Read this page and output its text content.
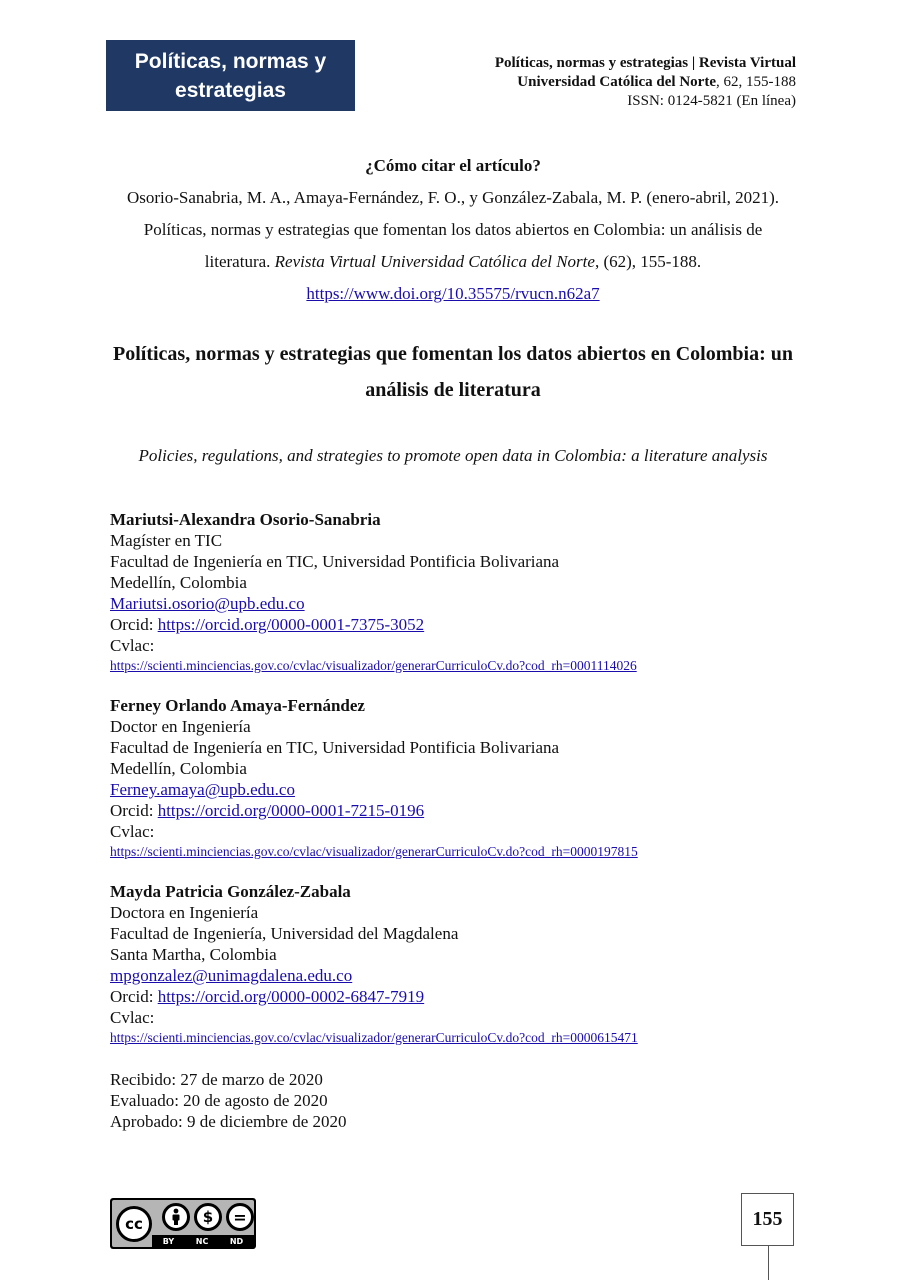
Políticas, normas y estrategias
Políticas, normas y estrategias | Revista Virtual
Universidad Católica del Norte, 62, 155-188
ISSN: 0124-5821 (En línea)
¿Cómo citar el artículo?
Osorio-Sanabria, M. A., Amaya-Fernández, F. O., y González-Zabala, M. P. (enero-abril, 2021). Políticas, normas y estrategias que fomentan los datos abiertos en Colombia: un análisis de literatura. Revista Virtual Universidad Católica del Norte, (62), 155-188.
https://www.doi.org/10.35575/rvucn.n62a7
Políticas, normas y estrategias que fomentan los datos abiertos en Colombia: un análisis de literatura
Policies, regulations, and strategies to promote open data in Colombia: a literature analysis
Mariutsi-Alexandra Osorio-Sanabria
Magíster en TIC
Facultad de Ingeniería en TIC, Universidad Pontificia Bolivariana
Medellín, Colombia
Mariutsi.osorio@upb.edu.co
Orcid: https://orcid.org/0000-0001-7375-3052
Cvlac:
https://scienti.minciencias.gov.co/cvlac/visualizador/generarCurriculoCv.do?cod_rh=0001114026
Ferney Orlando Amaya-Fernández
Doctor en Ingeniería
Facultad de Ingeniería en TIC, Universidad Pontificia Bolivariana
Medellín, Colombia
Ferney.amaya@upb.edu.co
Orcid: https://orcid.org/0000-0001-7215-0196
Cvlac:
https://scienti.minciencias.gov.co/cvlac/visualizador/generarCurriculoCv.do?cod_rh=0000197815
Mayda Patricia González-Zabala
Doctora en Ingeniería
Facultad de Ingeniería, Universidad del Magdalena
Santa Martha, Colombia
mpgonzalez@unimagdalena.edu.co
Orcid: https://orcid.org/0000-0002-6847-7919
Cvlac:
https://scienti.minciencias.gov.co/cvlac/visualizador/generarCurriculoCv.do?cod_rh=0000615471
Recibido: 27 de marzo de 2020
Evaluado: 20 de agosto de 2020
Aprobado: 9 de diciembre de 2020
cc	$	=
BY	NC	ND
155
